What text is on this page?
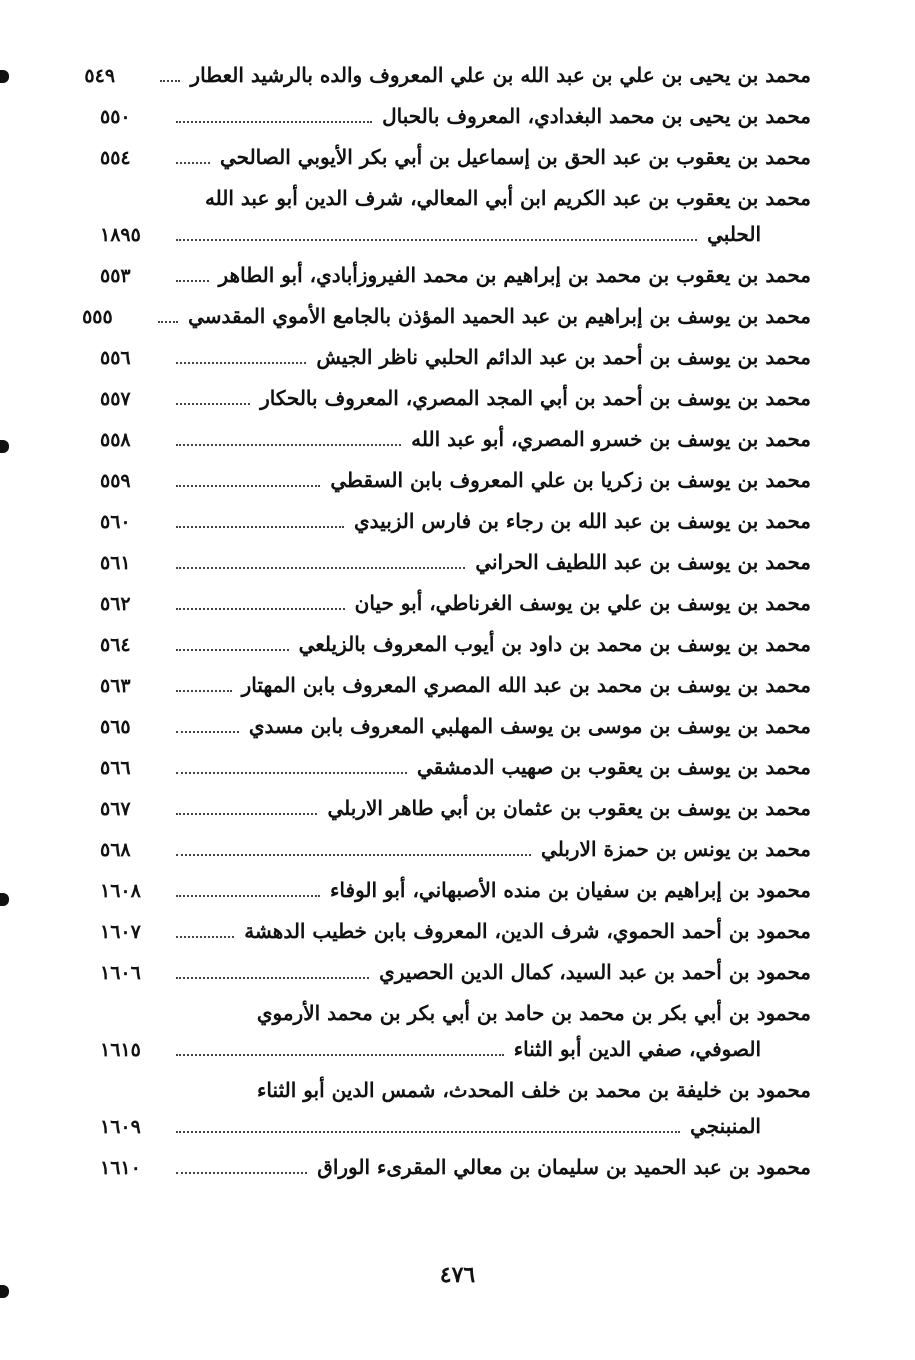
محمد بن يحيى بن علي بن عبد الله بن علي المعروف والده بالرشيد العطار
٥٤٩
محمد بن يحيى بن محمد البغدادي، المعروف بالحبال
٥٥٠
محمد بن يعقوب بن عبد الحق بن إسماعيل بن أبي بكر الأيوبي الصالحي
٥٥٤
محمد بن يعقوب بن عبد الكريم ابن أبي المعالي، شرف الدين أبو عبد الله
الحلبي
١٨٩٥
محمد بن يعقوب بن محمد بن إبراهيم بن محمد الفيروزأبادي، أبو الطاهر
٥٥٣
محمد بن يوسف بن إبراهيم بن عبد الحميد المؤذن بالجامع الأموي المقدسي
٥٥٥
محمد بن يوسف بن أحمد بن عبد الدائم الحلبي ناظر الجيش
٥٥٦
محمد بن يوسف بن أحمد بن أبي المجد المصري، المعروف بالحكار
٥٥٧
محمد بن يوسف بن خسرو المصري، أبو عبد الله
٥٥٨
محمد بن يوسف بن زكريا بن علي المعروف بابن السقطي
٥٥٩
محمد بن يوسف بن عبد الله بن رجاء بن فارس الزبيدي
٥٦٠
محمد بن يوسف بن عبد اللطيف الحراني
٥٦١
محمد بن يوسف بن علي بن يوسف الغرناطي، أبو حيان
٥٦٢
محمد بن يوسف بن محمد بن داود بن أيوب المعروف بالزيلعي
٥٦٤
محمد بن يوسف بن محمد بن عبد الله المصري المعروف بابن المهتار
٥٦٣
محمد بن يوسف بن موسى بن يوسف المهلبي المعروف بابن مسدي
٥٦٥
محمد بن يوسف بن يعقوب بن صهيب الدمشقي
٥٦٦
محمد بن يوسف بن يعقوب بن عثمان بن أبي طاهر الاربلي
٥٦٧
محمد بن يونس بن حمزة الاربلي
٥٦٨
محمود بن إبراهيم بن سفيان بن منده الأصبهاني، أبو الوفاء
١٦٠٨
محمود بن أحمد الحموي، شرف الدين، المعروف بابن خطيب الدهشة
١٦٠٧
محمود بن أحمد بن عبد السيد، كمال الدين الحصيري
١٦٠٦
محمود بن أبي بكر بن محمد بن حامد بن أبي بكر بن محمد الأرموي
الصوفي، صفي الدين أبو الثناء
١٦١٥
محمود بن خليفة بن محمد بن خلف المحدث، شمس الدين أبو الثناء
المنبنجي
١٦٠٩
محمود بن عبد الحميد بن سليمان بن معالي المقرىء الوراق
١٦١٠
٤٧٦
